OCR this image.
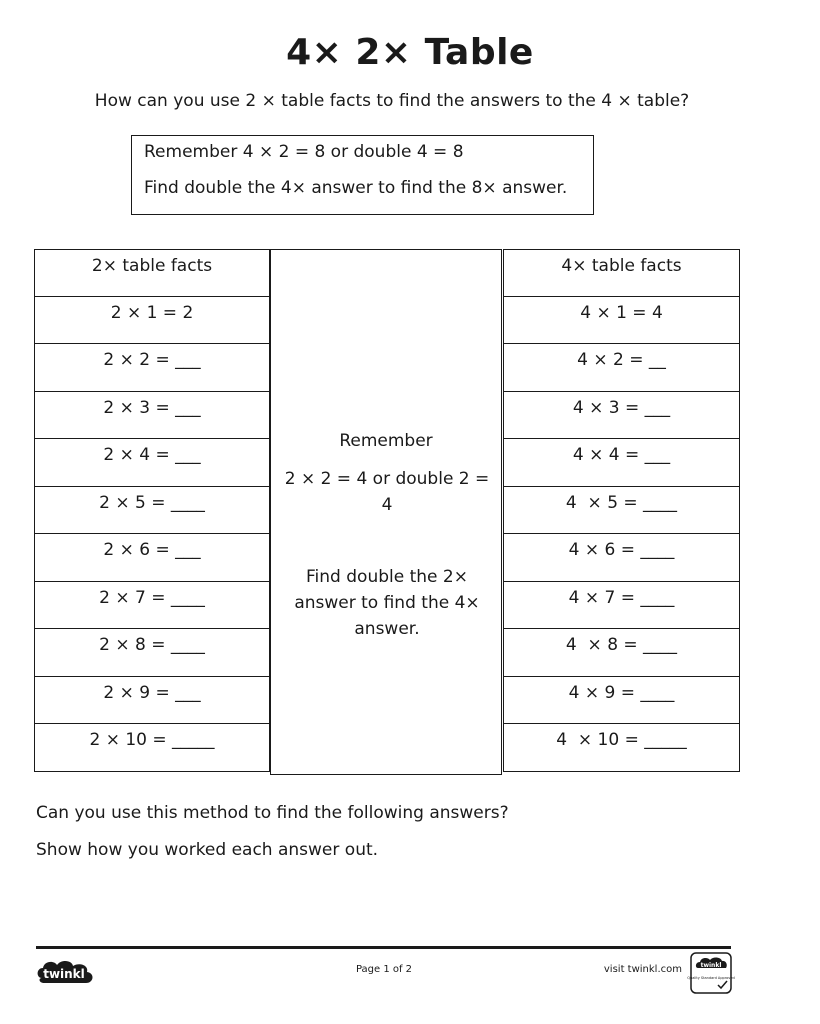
4× 2× Table
How can you use 2 × table facts to find the answers to the 4 × table?
Remember 4 × 2 = 8 or double 4 = 8
Find double the 4× answer to find the 8× answer.
2× table facts
2 × 1 = 2
2 × 2 = ___
2 × 3 = ___
2 × 4 = ___
2 × 5 = ____
2 × 6 = ___
2 × 7 = ____
2 × 8 = ____
2 × 9 = ___
2 × 10 = _____
Remember
2 × 2 = 4 or double 2 = 4
Find double the 2× answer to find the 4× answer.
4× table facts
4 × 1 = 4
4 × 2 = __
4 × 3 = ___
4 × 4 = ___
4  × 5 = ____
4 × 6 = ____
4 × 7 = ____
4  × 8 = ____
4 × 9 = ____
4  × 10 = _____
Can you use this method to find the following answers?
Show how you worked each answer out.
twinkl	Page 1 of 2	visit twinkl.com	twinkl
Quality Standard Approved
